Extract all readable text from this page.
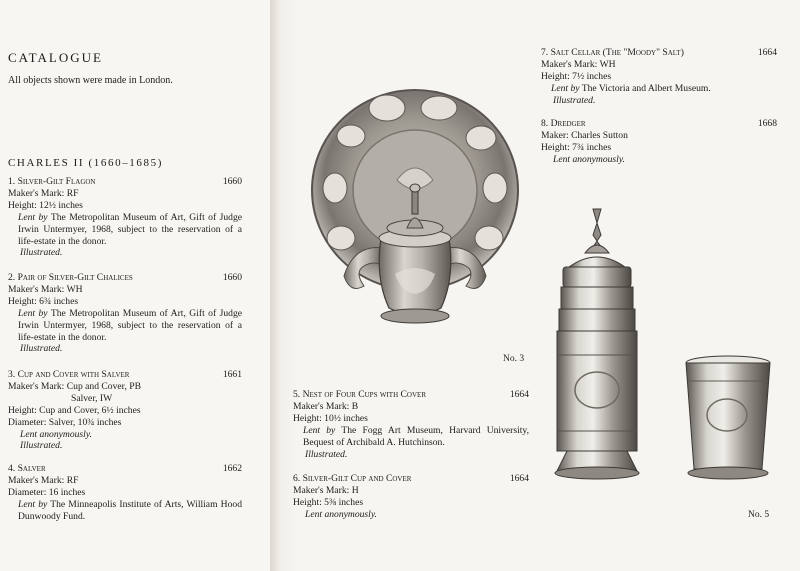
CATALOGUE
All objects shown were made in London.
CHARLES II (1660–1685)
1. Silver-Gilt Flagon	1660
Maker's Mark: RF
Height: 12½ inches
Lent by The Metropolitan Museum of Art, Gift of Judge Irwin Untermyer, 1968, subject to the reservation of a life-estate in the donor.
Illustrated.
2. Pair of Silver-Gilt Chalices	1660
Maker's Mark: WH
Height: 6¾ inches
Lent by The Metropolitan Museum of Art, Gift of Judge Irwin Untermyer, 1968, subject to the reservation of a life-estate in the donor.
Illustrated.
3. Cup and Cover with Salver	1661
Maker's Mark: Cup and Cover, PB
Salver, IW
Height: Cup and Cover, 6½ inches
Diameter: Salver, 10¾ inches
Lent anonymously.
Illustrated.
4. Salver	1662
Maker's Mark: RF
Diameter: 16 inches
Lent by The Minneapolis Institute of Arts, William Hood Dunwoody Fund.
No. 3
5. Nest of Four Cups with Cover	1664
Maker's Mark: B
Height: 10½ inches
Lent by The Fogg Art Museum, Harvard University, Bequest of Archibald A. Hutchinson.
Illustrated.
6. Silver-Gilt Cup and Cover	1664
Maker's Mark: H
Height: 5⅜ inches
Lent anonymously.
7. Salt Cellar (The "Moody" Salt)	1664
Maker's Mark: WH
Height: 7½ inches
Lent by The Victoria and Albert Museum.
Illustrated.
8. Dredger	1668
Maker: Charles Sutton
Height: 7¾ inches
Lent anonymously.
No. 5
